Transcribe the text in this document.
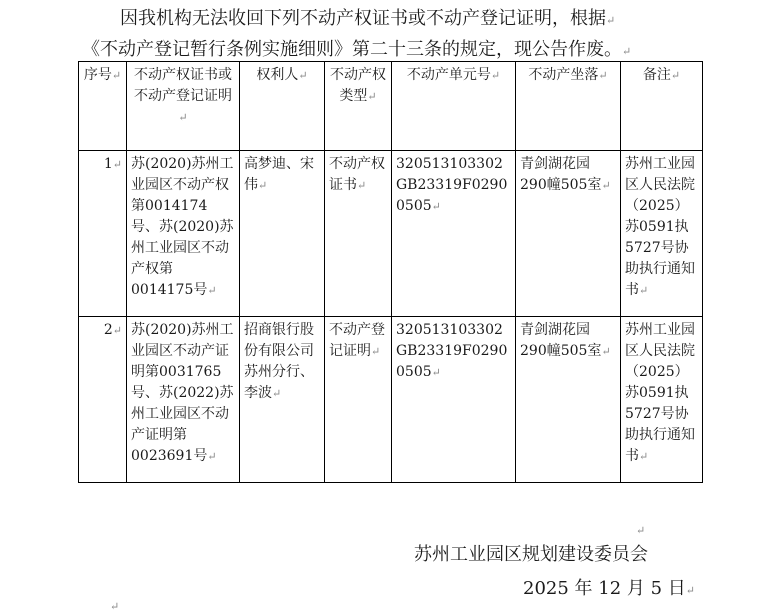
因我机构无法收回下列不动产权证书或不动产登记证明，根据↵
《不动产登记暂行条例实施细则》第二十三条的规定，现公告作废。↵
序号↵	不动产权证书或不动产登记证明↵	权利人↵	不动产权类型↵	不动产单元号↵	不动产坐落↵	备注↵
1↵	苏(2020)苏州工业园区不动产权第0014174号、苏(2020)苏州工业园区不动产权第0014175号↵	高梦迪、宋伟↵	不动产权证书↵	320513103302GB23319F02900505↵	青剑湖花园290幢505室↵	苏州工业园区人民法院（2025）苏0591执5727号协助执行通知书↵
2↵	苏(2020)苏州工业园区不动产证明第0031765号、苏(2022)苏州工业园区不动产证明第0023691号↵	招商银行股份有限公司苏州分行、李波↵	不动产登记证明↵	320513103302GB23319F02900505↵	青剑湖花园290幢505室↵	苏州工业园区人民法院（2025）苏0591执5727号协助执行通知书↵
↵
苏州工业园区规划建设委员会
2025 年 12 月 5 日↵
↵
